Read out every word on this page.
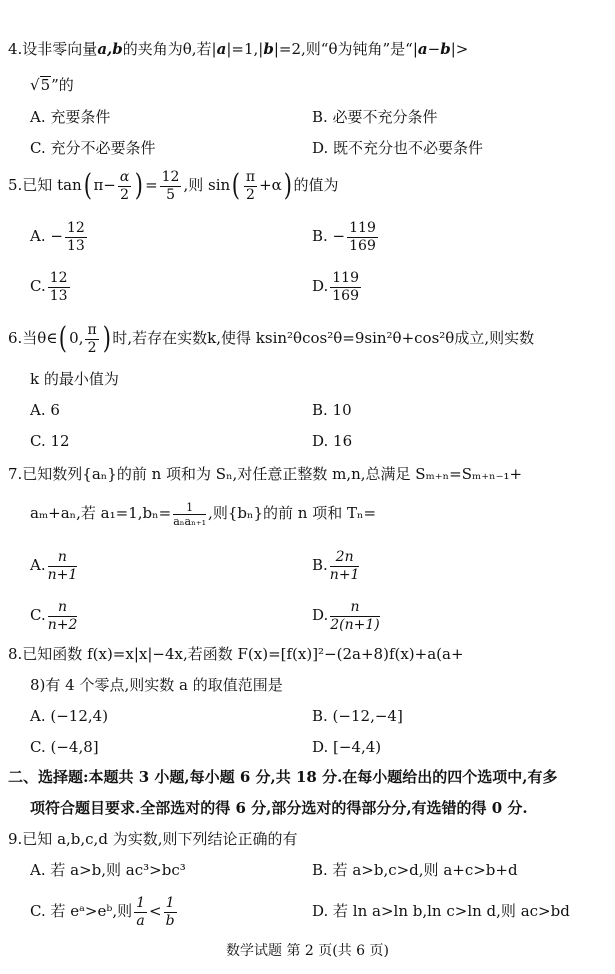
4.设非零向量a,b的夹角为θ,若|a|=1,|b|=2,则“θ为钝角”是“|a−b|>
√5”的
A. 充要条件	B. 必要不充分条件
C. 充分不必要条件	D. 既不充分也不必要条件
5.已知 tan( $\pi- \frac{\alpha}{2}$ ) = $\frac{12}{5}$ ,则 $\sin( \frac{\pi}{2} +\alpha)$ 的值为
A. − $\frac{12}{13}$	B. − $\frac{119}{169}$
C. $\frac{12}{13}$	D. $\frac{119}{169}$
6.当θ∈( 0, $\frac{\pi}{2}$ ) 时,若存在实数k,使得 ksin²θcos²θ=9sin²θ+cos²θ成立,则实数
k 的最小值为
A. 6	B. 10
C. 12	D. 16
7.已知数列{aₙ}的前 n 项和为 Sₙ,对任意正整数 m,n,总满足 Sₘ₊ₙ=Sₘ₊ₙ₋₁+
aₘ+aₙ,若 $a_1=1,b_n= \frac{1}{\text{aₙaₙ₊₁}}$ ,则{bₙ}的前 n 项和 Tₙ=
A. $\frac{n}{n+1}$	B. $\frac{2n}{n+1}$
C. $\frac{n}{n+2}$	D. $\frac{n}{2(n+1)}$
8.已知函数 f(x)=x|x|−4x,若函数 F(x)=[f(x)]²−(2a+8)f(x)+a(a+
8)有 4 个零点,则实数 a 的取值范围是
A. (−12,4)	B. (−12,−4]
C. (−4,8]	D. [−4,4)
二、选择题:本题共 3 小题,每小题 6 分,共 18 分.在每小题给出的四个选项中,有多
项符合题目要求.全部选对的得 6 分,部分选对的得部分分,有选错的得 0 分.
9.已知 a,b,c,d 为实数,则下列结论正确的有
A. 若 a>b,则 ac³>bc³	B. 若 a>b,c>d,则 a+c>b+d
C. 若 eᵃ>eᵇ,则 $\frac{1}{a} < \frac{1}{b}$	D. 若 ln a>ln b,ln c>ln d,则 ac>bd
数学试题 第 2 页(共 6 页)
